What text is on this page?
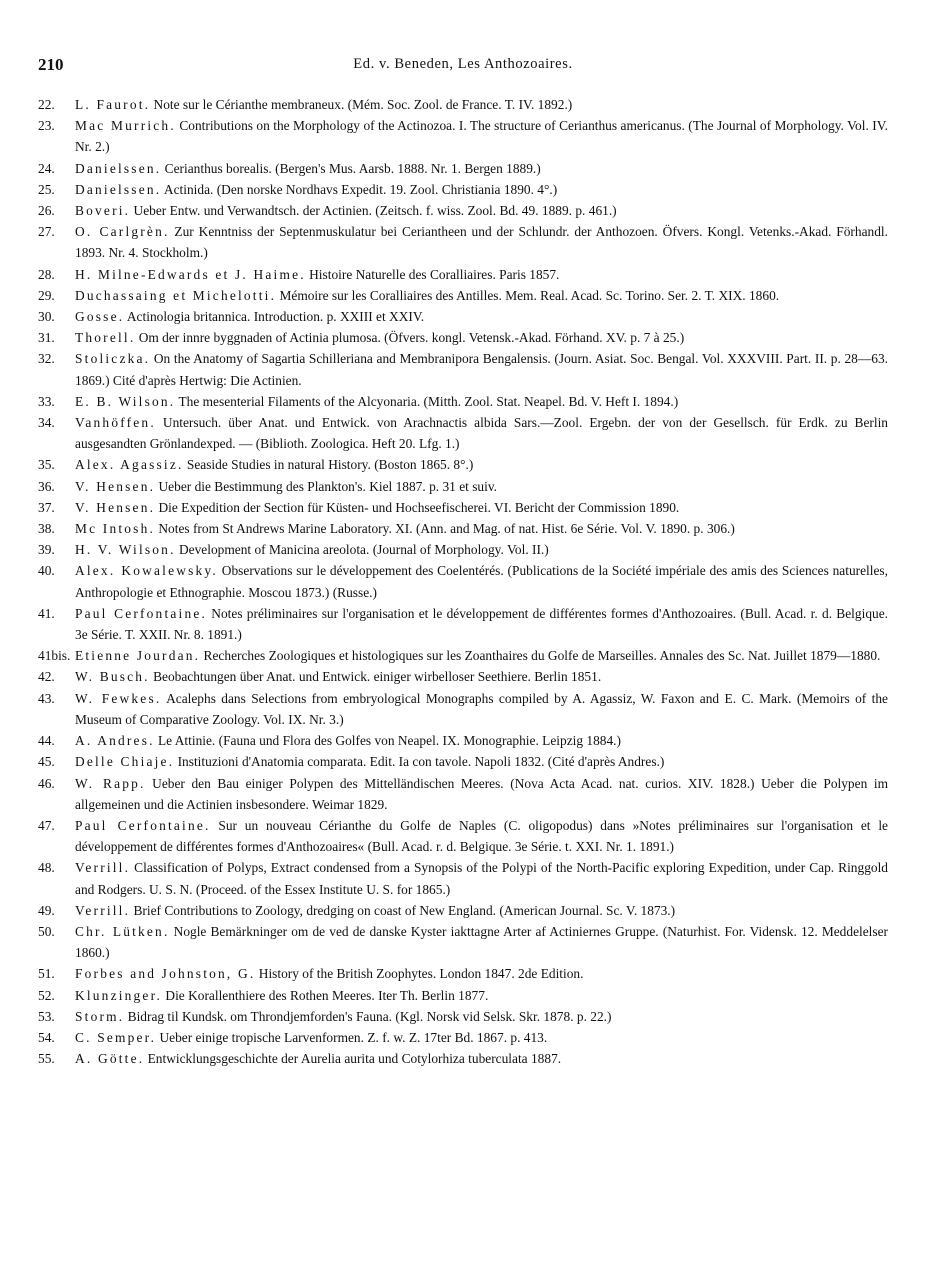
210	Ed. v. Beneden, Les Anthozoaires.
22. L. Faurot. Note sur le Cérianthe membraneux. (Mém. Soc. Zool. de France. T. IV. 1892.)
23. Mac Murrich. Contributions on the Morphology of the Actinozoa. I. The structure of Cerianthus americanus. (The Journal of Morphology. Vol. IV. Nr. 2.)
24. Danielssen. Cerianthus borealis. (Bergen's Mus. Aarsb. 1888. Nr. 1. Bergen 1889.)
25. Danielssen. Actinida. (Den norske Nordhavs Expedit. 19. Zool. Christiania 1890. 4°.)
26. Boveri. Ueber Entw. und Verwandtsch. der Actinien. (Zeitsch. f. wiss. Zool. Bd. 49. 1889. p. 461.)
27. O. Carlgrèn. Zur Kenntniss der Septenmuskulatur bei Ceriantheen und der Schlundr. der Anthozoen. Öfvers. Kongl. Vetenks.-Akad. Förhandl. 1893. Nr. 4. Stockholm.)
28. H. Milne-Edwards et J. Haime. Histoire Naturelle des Coralliaires. Paris 1857.
29. Duchassaing et Michelotti. Mémoire sur les Coralliaires des Antilles. Mem. Real. Acad. Sc. Torino. Ser. 2. T. XIX. 1860.
30. Gosse. Actinologia britannica. Introduction. p. XXIII et XXIV.
31. Thorell. Om der innre byggnaden of Actinia plumosa. (Öfvers. kongl. Vetensk.-Akad. Förhand. XV. p. 7 à 25.)
32. Stoliczka. On the Anatomy of Sagartia Schilleriana and Membranipora Bengalensis. (Journ. Asiat. Soc. Bengal. Vol. XXXVIII. Part. II. p. 28—63. 1869.) Cité d'après Hertwig: Die Actinien.
33. E. B. Wilson. The mesenterial Filaments of the Alcyonaria. (Mitth. Zool. Stat. Neapel. Bd. V. Heft I. 1894.)
34. Vanhöffen. Untersuch. über Anat. und Entwick. von Arachnactis albida Sars.—Zool. Ergebn. der von der Gesellsch. für Erdk. zu Berlin ausgesandten Grönlandexped. — (Biblioth. Zoologica. Heft 20. Lfg. 1.)
35. Alex. Agassiz. Seaside Studies in natural History. (Boston 1865. 8°.)
36. V. Hensen. Ueber die Bestimmung des Plankton's. Kiel 1887. p. 31 et suiv.
37. V. Hensen. Die Expedition der Section für Küsten- und Hochseefischerei. VI. Bericht der Commission 1890.
38. Mc Intosh. Notes from St Andrews Marine Laboratory. XI. (Ann. and Mag. of nat. Hist. 6e Série. Vol. V. 1890. p. 306.)
39. H. V. Wilson. Development of Manicina areolota. (Journal of Morphology. Vol. II.)
40. Alex. Kowalewsky. Observations sur le développement des Coelentérés. (Publications de la Société impériale des amis des Sciences naturelles, Anthropologie et Ethnographie. Moscou 1873.) (Russe.)
41. Paul Cerfontaine. Notes préliminaires sur l'organisation et le développement de différentes formes d'Anthozoaires. (Bull. Acad. r. d. Belgique. 3e Série. T. XXII. Nr. 8. 1891.)
41bis. Etienne Jourdan. Recherches Zoologiques et histologiques sur les Zoanthaires du Golfe de Marseilles. Annales des Sc. Nat. Juillet 1879—1880.
42. W. Busch. Beobachtungen über Anat. und Entwick. einiger wirbelloser Seethiere. Berlin 1851.
43. W. Fewkes. Acalephs dans Selections from embryological Monographs compiled by A. Agassiz, W. Faxon and E. C. Mark. (Memoirs of the Museum of Comparative Zoology. Vol. IX. Nr. 3.)
44. A. Andres. Le Attinie. (Fauna und Flora des Golfes von Neapel. IX. Monographie. Leipzig 1884.)
45. Delle Chiaje. Instituzioni d'Anatomia comparata. Edit. Ia con tavole. Napoli 1832. (Cité d'après Andres.)
46. W. Rapp. Ueber den Bau einiger Polypen des Mittelländischen Meeres. (Nova Acta Acad. nat. curios. XIV. 1828.) Ueber die Polypen im allgemeinen und die Actinien insbesondere. Weimar 1829.
47. Paul Cerfontaine. Sur un nouveau Cérianthe du Golfe de Naples (C. oligopodus) dans »Notes préliminaires sur l'organisation et le développement de différentes formes d'Anthozoaires« (Bull. Acad. r. d. Belgique. 3e Série. t. XXI. Nr. 1. 1891.)
48. Verrill. Classification of Polyps, Extract condensed from a Synopsis of the Polypi of the North-Pacific exploring Expedition, under Cap. Ringgold and Rodgers. U. S. N. (Proceed. of the Essex Institute U. S. for 1865.)
49. Verrill. Brief Contributions to Zoology, dredging on coast of New England. (American Journal. Sc. V. 1873.)
50. Chr. Lütken. Nogle Bemärkninger om de ved de danske Kyster iakttagne Arter af Actiniernes Gruppe. (Naturhist. For. Vidensk. 12. Meddelelser 1860.)
51. Forbes and Johnston, G. History of the British Zoophytes. London 1847. 2de Edition.
52. Klunzinger. Die Korallenthiere des Rothen Meeres. Iter Th. Berlin 1877.
53. Storm. Bidrag til Kundsk. om Throndjemforden's Fauna. (Kgl. Norsk vid Selsk. Skr. 1878. p. 22.)
54. C. Semper. Ueber einige tropische Larvenformen. Z. f. w. Z. 17ter Bd. 1867. p. 413.
55. A. Götte. Entwicklungsgeschichte der Aurelia aurita und Cotylorhiza tuberculata 1887.
